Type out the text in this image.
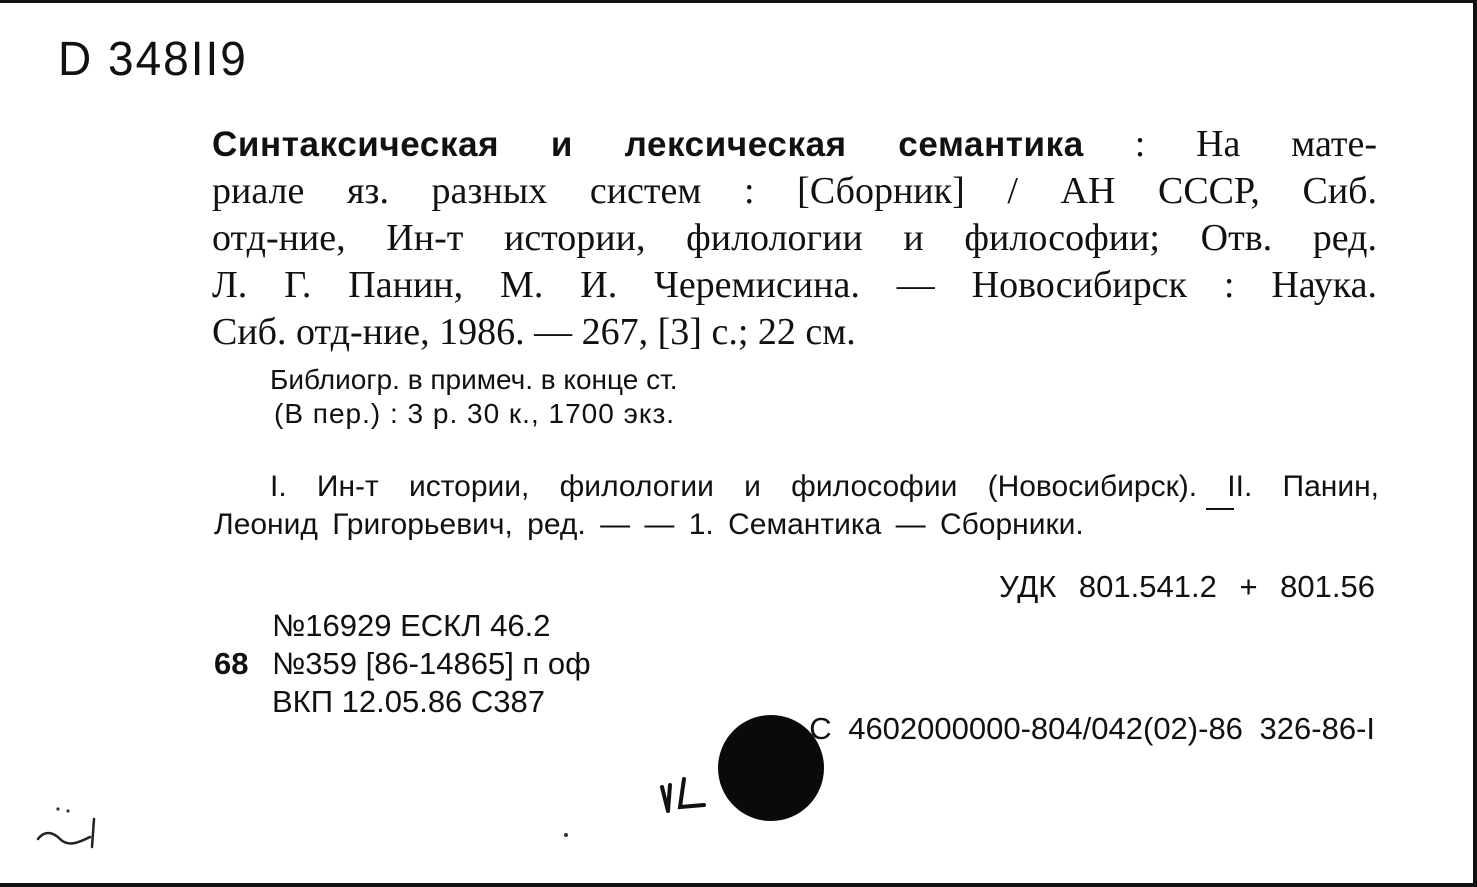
D 348II9
Синтаксическая и лексическая семантика : На мате-
риале яз. разных систем : [Сборник] / АН СССР, Сиб.
отд-ние, Ин-т истории, филологии и философии; Отв. ред.
Л. Г. Панин, М. И. Черемисина. — Новосибирск : Наука.
Сиб. отд-ние, 1986. — 267, [3] с.; 22 см.
Библиогр. в примеч. в конце ст.
(В пер.) : 3 р. 30 к., 1700 экз.
I. Ин-т истории, филологии и философии (Новосибирск). II. Панин,
Леонид Григорьевич, ред. — — 1. Семантика — Сборники.
УДК 801.541.2 + 801.56
№16929 ЕСКЛ 46.2
68 №359 [86-14865] п оф
ВКП 12.05.86 С387
С 4602000000-804/042(02)-86 326-86-I
